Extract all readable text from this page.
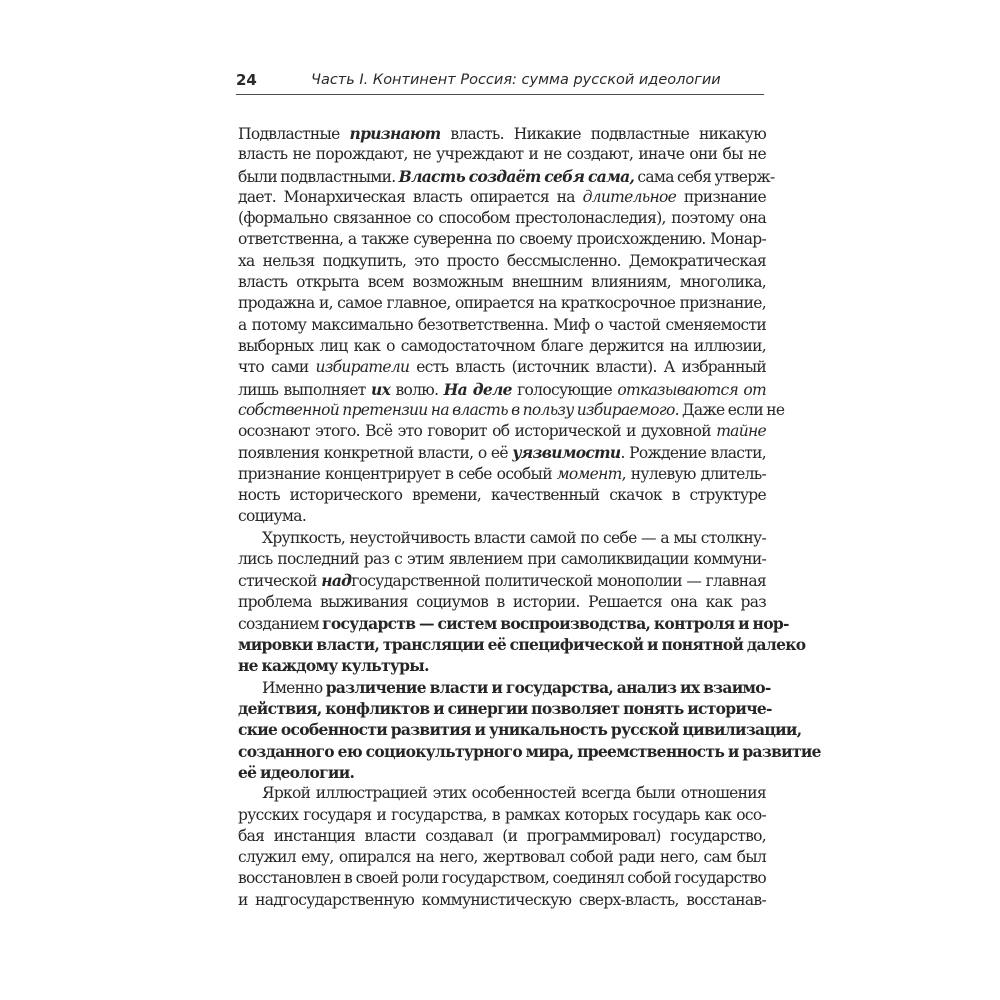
24	Часть I. Континент Россия: сумма русской идеологии
Подвластные признают власть. Никакие подвластные никакую
власть не порождают, не учреждают и не создают, иначе они бы не
были подвластными. Власть создаёт себя сама, сама себя утверж-
дает. Монархическая власть опирается на длительное признание
(формально связанное со способом престолонаследия), поэтому она
ответственна, а также суверенна по своему происхождению. Монар-
ха нельзя подкупить, это просто бессмысленно. Демократическая
власть открыта всем возможным внешним влияниям, многолика,
продажна и, самое главное, опирается на краткосрочное признание,
а потому максимально безответственна. Миф о частой сменяемости
выборных лиц как о самодостаточном благе держится на иллюзии,
что сами избиратели есть власть (источник власти). А избранный
лишь выполняет их волю. На деле голосующие отказываются от
собственной претензии на власть в пользу избираемого. Даже если не
осознают этого. Всё это говорит об исторической и духовной тайне
появления конкретной власти, о её уязвимости. Рождение власти,
признание концентрирует в себе особый момент, нулевую длитель-
ность исторического времени, качественный скачок в структуре
социума.
Хрупкость, неустойчивость власти самой по себе — а мы столкну-
лись последний раз с этим явлением при самоликвидации коммуни-
стической надгосударственной политической монополии — главная
проблема выживания социумов в истории. Решается она как раз
созданием государств — систем воспроизводства, контроля и нор-
мировки власти, трансляции её специфической и понятной далеко
не каждому культуры.
Именно различение власти и государства, анализ их взаимо-
действия, конфликтов и синергии позволяет понять историче-
ские особенности развития и уникальность русской цивилизации,
созданного ею социокультурного мира, преемственность и развитие
её идеологии.
Яркой иллюстрацией этих особенностей всегда были отношения
русских государя и государства, в рамках которых государь как осо-
бая инстанция власти создавал (и программировал) государство,
служил ему, опирался на него, жертвовал собой ради него, сам был
восстановлен в своей роли государством, соединял собой государство
и надгосударственную коммунистическую сверх-власть, восстанав-
